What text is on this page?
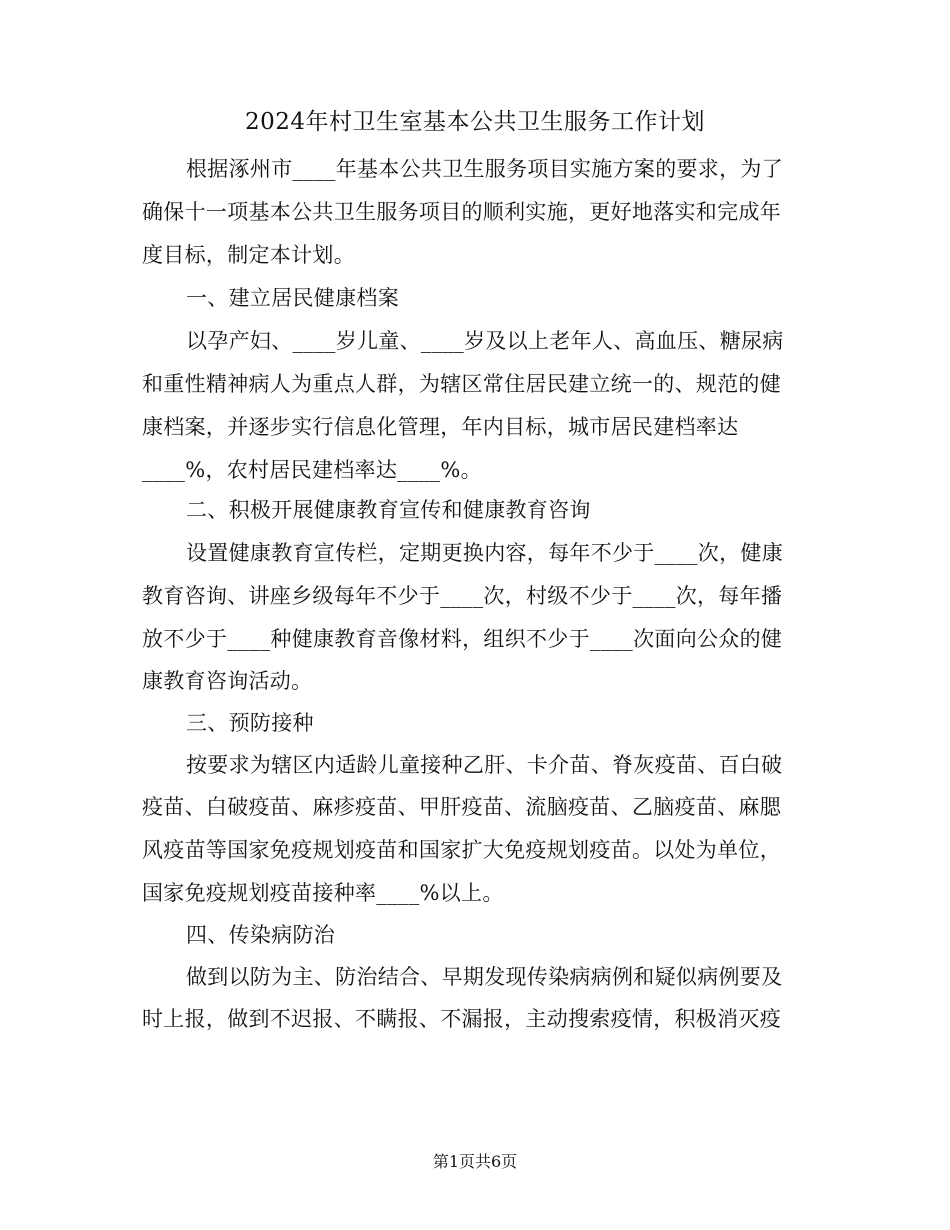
2024年村卫生室基本公共卫生服务工作计划
根据涿州市____年基本公共卫生服务项目实施方案的要求，为了
确保十一项基本公共卫生服务项目的顺利实施，更好地落实和完成年
度目标，制定本计划。
一、建立居民健康档案
以孕产妇、____岁儿童、____岁及以上老年人、高血压、糖尿病
和重性精神病人为重点人群，为辖区常住居民建立统一的、规范的健
康档案，并逐步实行信息化管理，年内目标，城市居民建档率达
____%，农村居民建档率达____%。
二、积极开展健康教育宣传和健康教育咨询
设置健康教育宣传栏，定期更换内容，每年不少于____次，健康
教育咨询、讲座乡级每年不少于____次，村级不少于____次，每年播
放不少于____种健康教育音像材料，组织不少于____次面向公众的健
康教育咨询活动。
三、预防接种
按要求为辖区内适龄儿童接种乙肝、卡介苗、脊灰疫苗、百白破
疫苗、白破疫苗、麻疹疫苗、甲肝疫苗、流脑疫苗、乙脑疫苗、麻腮
风疫苗等国家免疫规划疫苗和国家扩大免疫规划疫苗。以处为单位，
国家免疫规划疫苗接种率____%以上。
四、传染病防治
做到以防为主、防治结合、早期发现传染病病例和疑似病例要及
时上报，做到不迟报、不瞒报、不漏报，主动搜索疫情，积极消灭疫
第1页共6页
